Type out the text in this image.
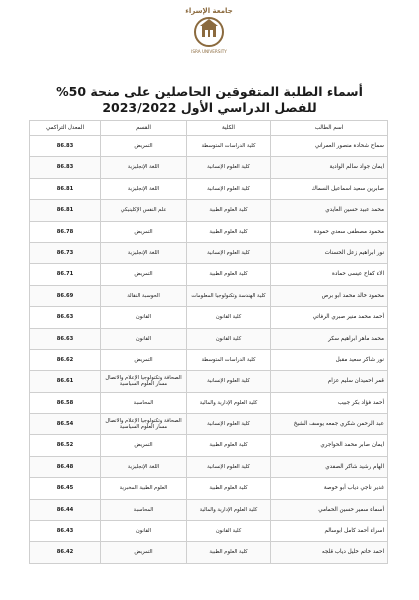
جامعة الإسراء
ISRA UNIVERSITY
أسماء الطلبة المتفوقين الحاصلين على منحة 50%
للفصل الدراسي الأول 2023/2022
اسم الطالب	الكلية	القسم	المعدل التراكمي
سماح شحادة منصور العمراني	كلية الدراسات المتوسطة	التمريض	86.83
ايمان جواد سالم الوادية	كلية العلوم الإنسانية	اللغة الإنجليزية	86.83
صابرين سعيد اسماعيل السماك	كلية العلوم الإنسانية	اللغة الإنجليزية	86.81
محمد عبيد حسين العايدي	كلية العلوم الطبية	علم النفس الإكلينيكي	86.81
محمود مصطفى سعدي حمودة	كلية العلوم الطبية	التمريض	86.78
نور ابراهيم زعل الحسنات	كلية العلوم الإنسانية	اللغة الإنجليزية	86.73
الاء كفاح عيسى حمادة	كلية العلوم الطبية	التمريض	86.71
محمود خالد محمد ابو برص	كلية الهندسة وتكنولوجيا المعلومات	الحوسبة النقالة	86.69
أحمد محمد منير صبري الرفاتي	كلية القانون	القانون	86.63
محمد ماهر ابراهيم سكر	كلية القانون	القانون	86.63
نور شاكر سعيد مقبل	كلية الدراسات المتوسطة	التمريض	86.62
قمر احميدان سليم عزام	كلية العلوم الإنسانية	الصحافة وتكنولوجيا الإعلام والاتصال مسار العلوم السياسية	86.61
أحمد فؤاد بكر جبيب	كلية العلوم الإدارية والمالية	المحاسبة	86.58
عبد الرحمن شكري جمعه يوسف الشيخ	كلية العلوم الإنسانية	الصحافة وتكنولوجيا الإعلام والاتصال مسار العلوم السياسية	86.54
ايمان صابر محمد الحواجري	كلية العلوم الطبية	التمريض	86.52
الهام رشيد شاكر الصفدي	كلية العلوم الإنسانية	اللغة الإنجليزية	86.48
غدير ناجي دياب أبو خوصة	كلية العلوم الطبية	العلوم الطبية المخبرية	86.45
أسماء سمير حسين الحمامي	كلية العلوم الإدارية والمالية	المحاسبة	86.44
اسراء أحمد كامل ابوسالم	كلية القانون	القانون	86.43
احمد خاتم خليل دياب قلجه	كلية العلوم الطبية	التمريض	86.42
